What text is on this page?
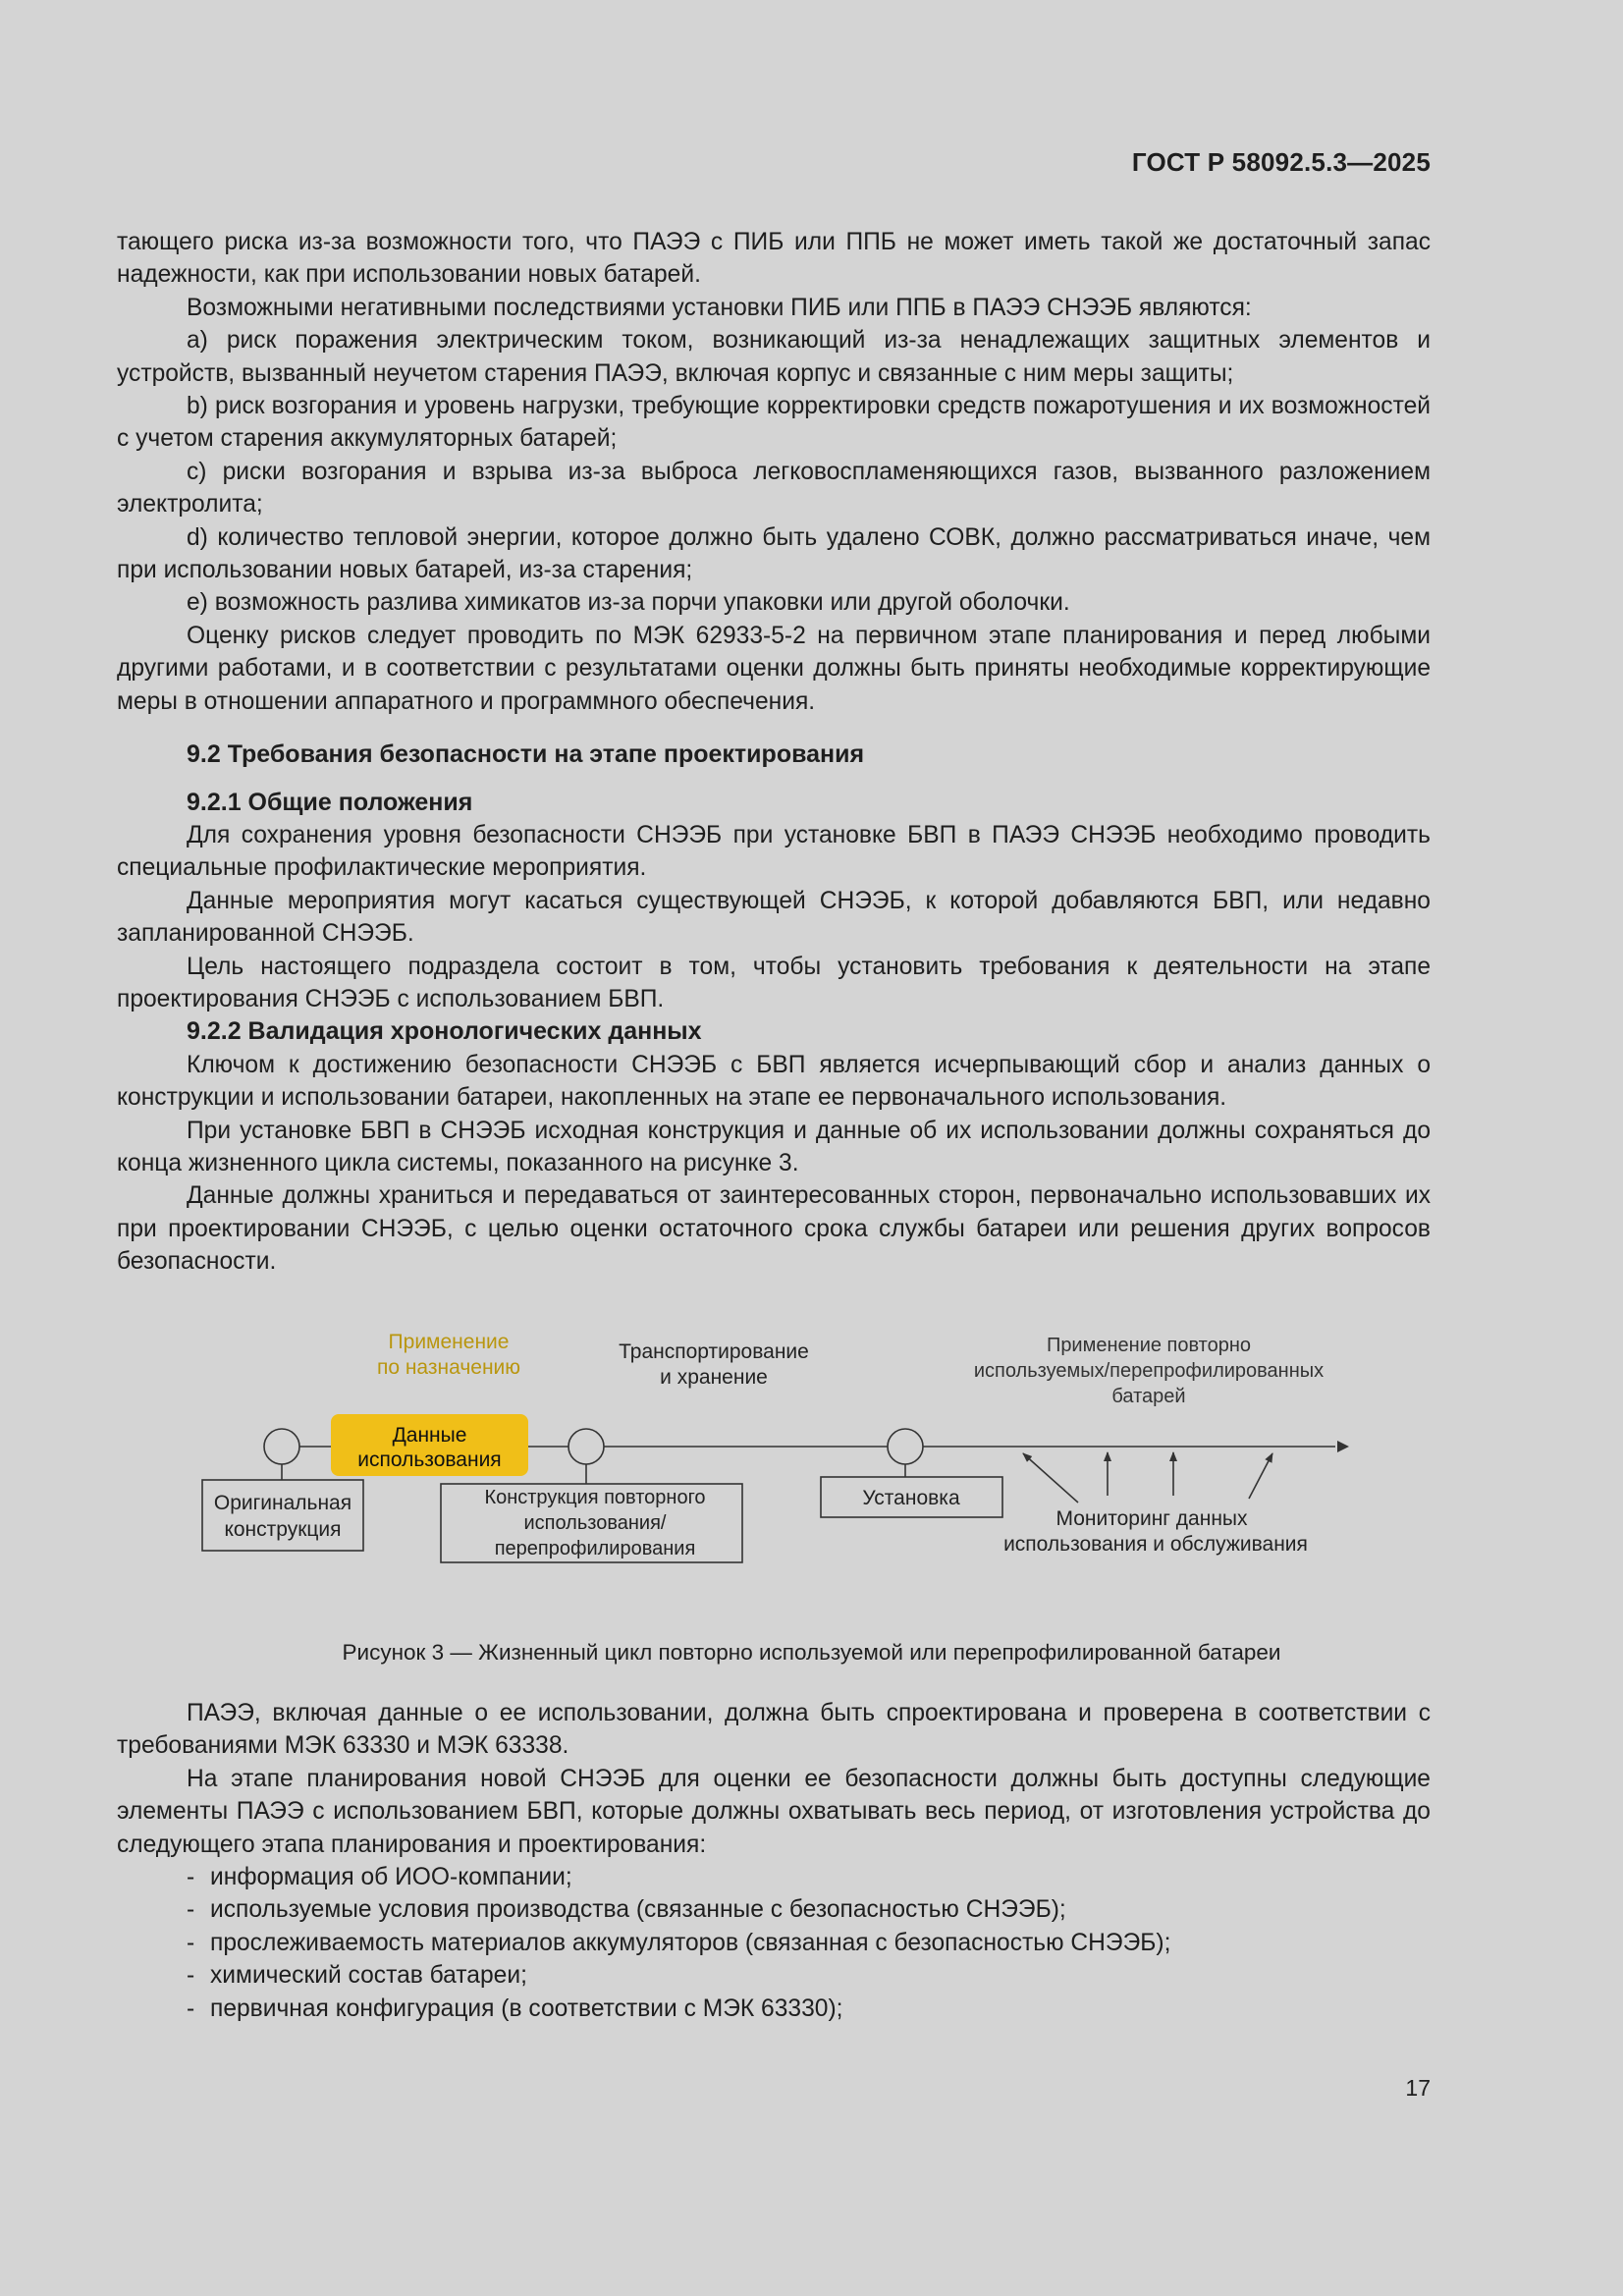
ГОСТ Р 58092.5.3—2025

тающего риска из-за возможности того, что ПАЭЭ с ПИБ или ППБ не может иметь такой же достаточный запас надежности, как при использовании новых батарей.

Возможными негативными последствиями установки ПИБ или ППБ в ПАЭЭ СНЭЭБ являются:

a) риск поражения электрическим током, возникающий из-за ненадлежащих защитных элементов и устройств, вызванный неучетом старения ПАЭЭ, включая корпус и связанные с ним меры защиты;

b) риск возгорания и уровень нагрузки, требующие корректировки средств пожаротушения и их возможностей с учетом старения аккумуляторных батарей;

c) риски возгорания и взрыва из-за выброса легковоспламеняющихся газов, вызванного разложением электролита;

d) количество тепловой энергии, которое должно быть удалено СОВК, должно рассматриваться иначе, чем при использовании новых батарей, из-за старения;

e) возможность разлива химикатов из-за порчи упаковки или другой оболочки.

Оценку рисков следует проводить по МЭК 62933-5-2 на первичном этапе планирования и перед любыми другими работами, и в соответствии с результатами оценки должны быть приняты необходимые корректирующие меры в отношении аппаратного и программного обеспечения.

9.2 Требования безопасности на этапе проектирования
9.2.1 Общие положения

Для сохранения уровня безопасности СНЭЭБ при установке БВП в ПАЭЭ СНЭЭБ необходимо проводить специальные профилактические мероприятия.

Данные мероприятия могут касаться существующей СНЭЭБ, к которой добавляются БВП, или недавно запланированной СНЭЭБ.

Цель настоящего подраздела состоит в том, чтобы установить требования к деятельности на этапе проектирования СНЭЭБ с использованием БВП.

9.2.2 Валидация хронологических данных

Ключом к достижению безопасности СНЭЭБ с БВП является исчерпывающий сбор и анализ данных о конструкции и использовании батареи, накопленных на этапе ее первоначального использования.

При установке БВП в СНЭЭБ исходная конструкция и данные об их использовании должны сохраняться до конца жизненного цикла системы, показанного на рисунке 3.

Данные должны храниться и передаваться от заинтересованных сторон, первоначально использовавших их при проектировании СНЭЭБ, с целью оценки остаточного срока службы батареи или решения других вопросов безопасности.

Данные
использования
Применение
по назначению
Транспортирование
и хранение
Применение повторно
используемых/перепрофилированных
батарей
Оригинальная
конструкция
Конструкция повторного
использования/
перепрофилирования
Установка
Мониторинг данных
использования и обслуживания
Рисунок 3 — Жизненный цикл повторно используемой или перепрофилированной батареи

ПАЭЭ, включая данные о ее использовании, должна быть спроектирована и проверена в соответствии с требованиями МЭК 63330 и МЭК 63338.

На этапе планирования новой СНЭЭБ для оценки ее безопасности должны быть доступны следующие элементы ПАЭЭ с использованием БВП, которые должны охватывать весь период, от изготовления устройства до следующего этапа планирования и проектирования:

- информация об ИОО-компании;
- используемые условия производства (связанные с безопасностью СНЭЭБ);
- прослеживаемость материалов аккумуляторов (связанная с безопасностью СНЭЭБ);
- химический состав батареи;
- первичная конфигурация (в соответствии с МЭК 63330);
17
